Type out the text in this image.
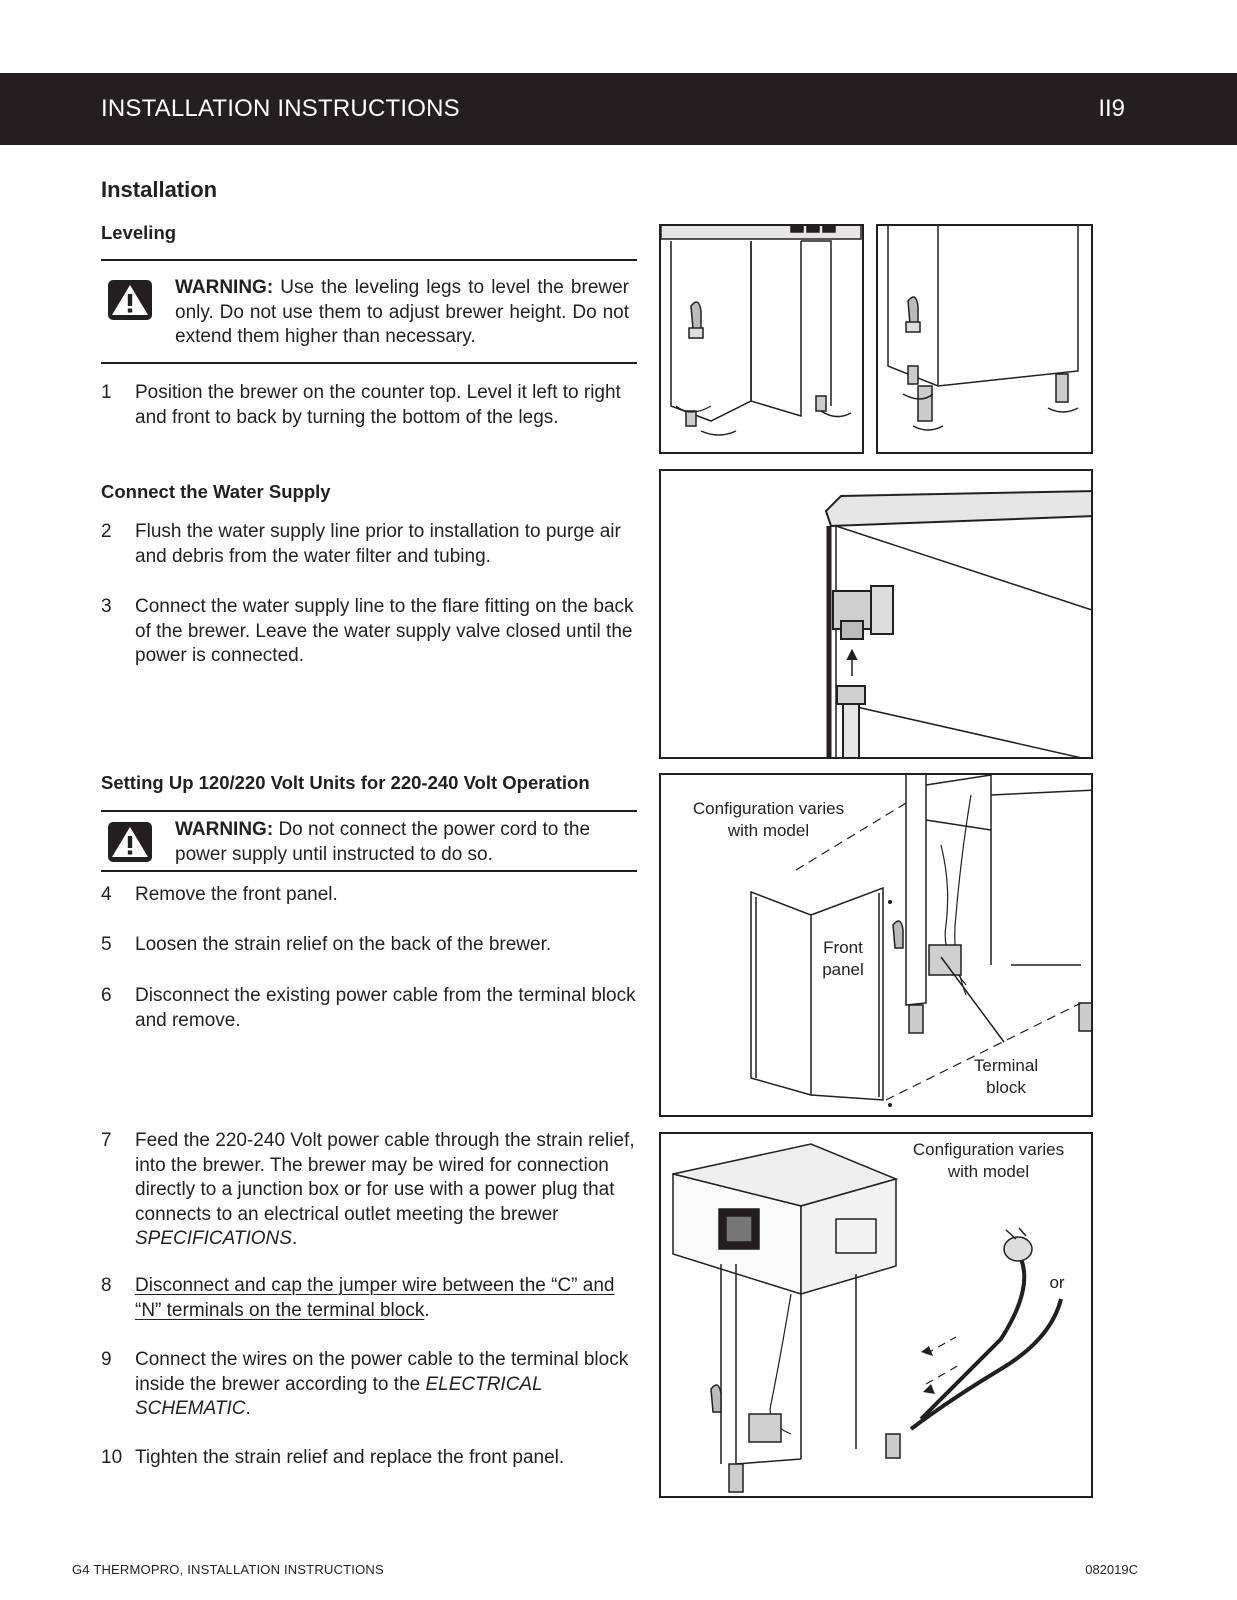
INSTALLATION INSTRUCTIONS	II9
Installation
Leveling
WARNING: Use the leveling legs to level the brewer only. Do not use them to adjust brewer height. Do not extend them higher than necessary.
1 Position the brewer on the counter top. Level it left to right and front to back by turning the bottom of the legs.
Connect the Water Supply
2 Flush the water supply line prior to installation to purge air and debris from the water filter and tubing.
3 Connect the water supply line to the flare fitting on the back of the brewer. Leave the water supply valve closed until the power is connected.
Setting Up 120/220 Volt Units for 220-240 Volt Operation
WARNING: Do not connect the power cord to the power supply until instructed to do so.
4 Remove the front panel.
5 Loosen the strain relief on the back of the brewer.
6 Disconnect the existing power cable from the terminal block and remove.
7 Feed the 220-240 Volt power cable through the strain relief, into the brewer. The brewer may be wired for connection directly to a junction box or for use with a power plug that connects to an electrical outlet meeting the brewer SPECIFICATIONS.
8 Disconnect and cap the jumper wire between the “C” and “N” terminals on the terminal block.
9 Connect the wires on the power cable to the terminal block inside the brewer according to the ELECTRICAL SCHEMATIC.
10 Tighten the strain relief and replace the front panel.
Configuration varies with model
Front panel
Terminal block
Configuration varies with model
or
G4 THERMOPRO, INSTALLATION INSTRUCTIONS	082019C
